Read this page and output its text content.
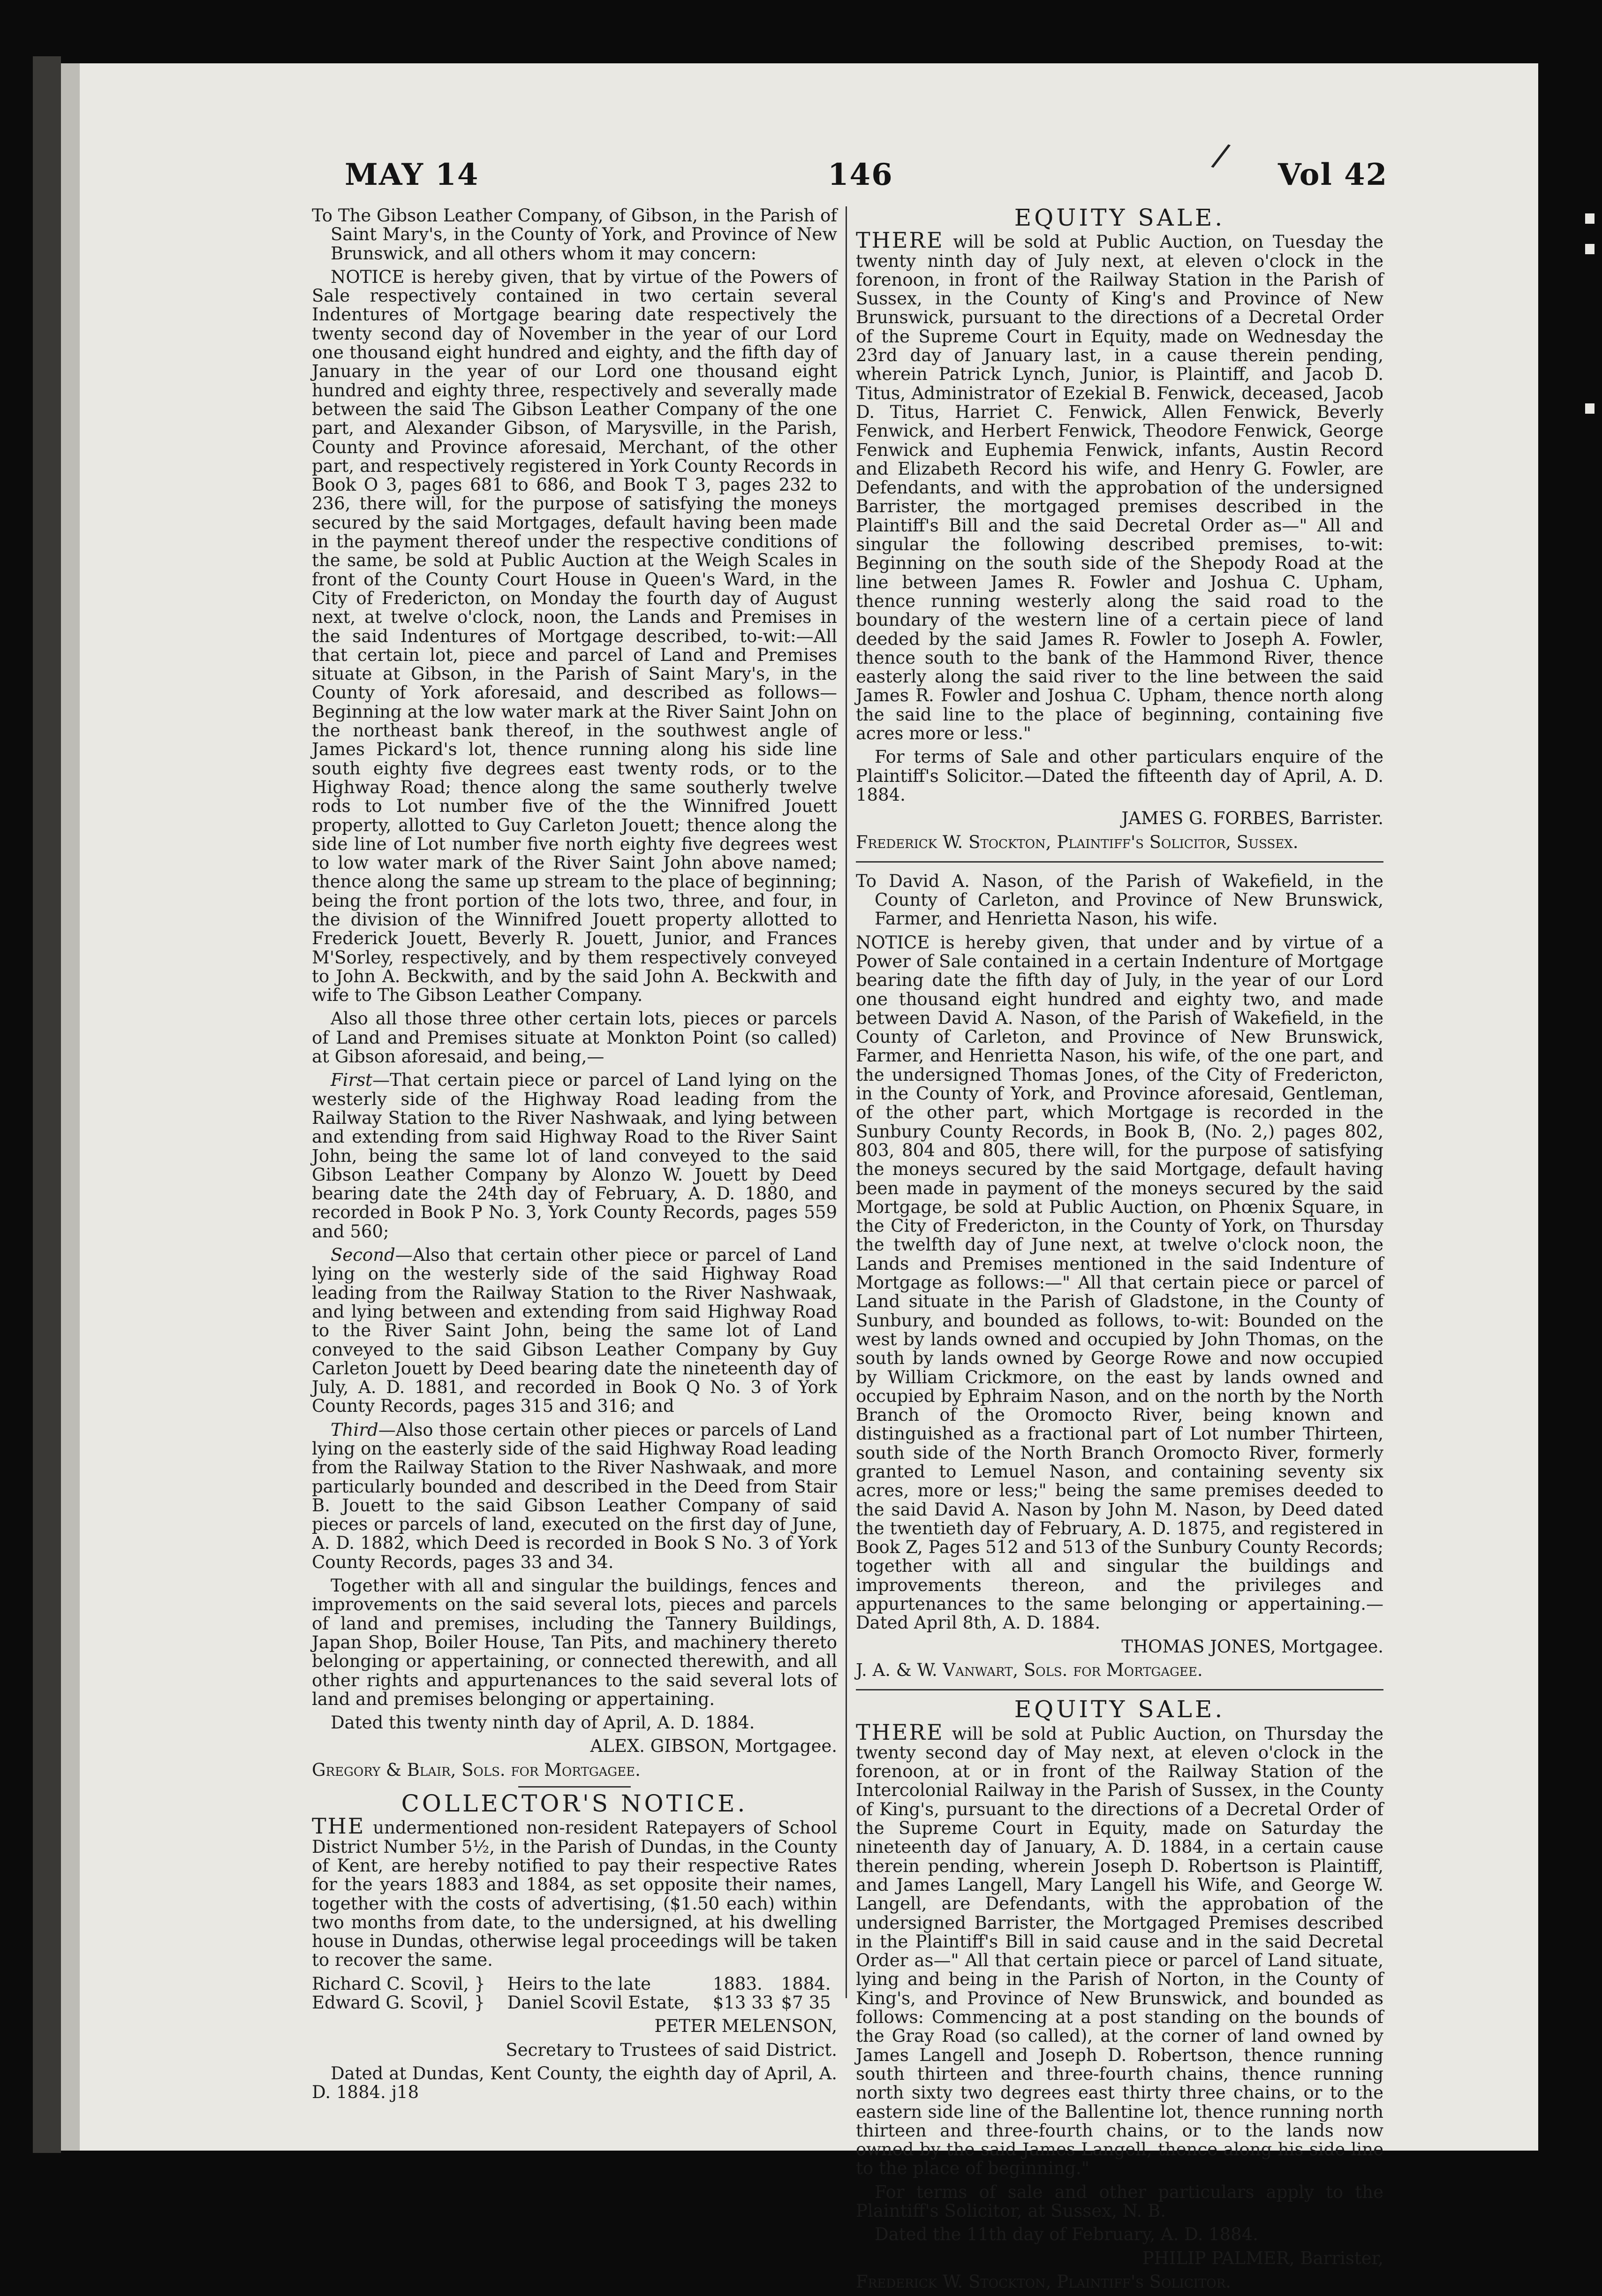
/
MAY 14	146	Vol 42

To The Gibson Leather Company, of Gibson, in the Parish of Saint Mary's, in the County of York, and Province of New Brunswick, and all others whom it may concern:

NOTICE is hereby given, that by virtue of the Powers of Sale respectively contained in two certain several Indentures of Mortgage bearing date respectively the twenty second day of November in the year of our Lord one thousand eight hundred and eighty, and the fifth day of January in the year of our Lord one thousand eight hundred and eighty three, respectively and severally made between the said The Gibson Leather Company of the one part, and Alexander Gibson, of Marysville, in the Parish, County and Province aforesaid, Merchant, of the other part, and respectively registered in York County Records in Book O 3, pages 681 to 686, and Book T 3, pages 232 to 236, there will, for the purpose of satisfying the moneys secured by the said Mortgages, default having been made in the payment thereof under the respective conditions of the same, be sold at Public Auction at the Weigh Scales in front of the County Court House in Queen's Ward, in the City of Fredericton, on Monday the fourth day of August next, at twelve o'clock, noon, the Lands and Premises in the said Indentures of Mortgage described, to-wit:—All that certain lot, piece and parcel of Land and Premises situate at Gibson, in the Parish of Saint Mary's, in the County of York aforesaid, and described as follows—Beginning at the low water mark at the River Saint John on the northeast bank thereof, in the southwest angle of James Pickard's lot, thence running along his side line south eighty five degrees east twenty rods, or to the Highway Road; thence along the same southerly twelve rods to Lot number five of the the Winnifred Jouett property, allotted to Guy Carleton Jouett; thence along the side line of Lot number five north eighty five degrees west to low water mark of the River Saint John above named; thence along the same up stream to the place of beginning; being the front portion of the lots two, three, and four, in the division of the Winnifred Jouett property allotted to Frederick Jouett, Beverly R. Jouett, Junior, and Frances M'Sorley, respectively, and by them respectively conveyed to John A. Beckwith, and by the said John A. Beckwith and wife to The Gibson Leather Company.

Also all those three other certain lots, pieces or parcels of Land and Premises situate at Monkton Point (so called) at Gibson aforesaid, and being,—

First—That certain piece or parcel of Land lying on the westerly side of the Highway Road leading from the Railway Station to the River Nashwaak, and lying between and extending from said Highway Road to the River Saint John, being the same lot of land conveyed to the said Gibson Leather Company by Alonzo W. Jouett by Deed bearing date the 24th day of February, A. D. 1880, and recorded in Book P No. 3, York County Records, pages 559 and 560;

Second—Also that certain other piece or parcel of Land lying on the westerly side of the said Highway Road leading from the Railway Station to the River Nashwaak, and lying between and extending from said Highway Road to the River Saint John, being the same lot of Land conveyed to the said Gibson Leather Company by Guy Carleton Jouett by Deed bearing date the nineteenth day of July, A. D. 1881, and recorded in Book Q No. 3 of York County Records, pages 315 and 316; and

Third—Also those certain other pieces or parcels of Land lying on the easterly side of the said Highway Road leading from the Railway Station to the River Nashwaak, and more particularly bounded and described in the Deed from Stair B. Jouett to the said Gibson Leather Company of said pieces or parcels of land, executed on the first day of June, A. D. 1882, which Deed is recorded in Book S No. 3 of York County Records, pages 33 and 34.

Together with all and singular the buildings, fences and improvements on the said several lots, pieces and parcels of land and premises, including the Tannery Buildings, Japan Shop, Boiler House, Tan Pits, and machinery thereto belonging or appertaining, or connected therewith, and all other rights and appurtenances to the said several lots of land and premises belonging or appertaining.

Dated this twenty ninth day of April, A. D. 1884.

ALEX. GIBSON, Mortgagee.

Gregory & Blair, Sols. for Mortgagee.

COLLECTOR'S NOTICE.

THE undermentioned non-resident Ratepayers of School District Number 5½, in the Parish of Dundas, in the County of Kent, are hereby notified to pay their respective Rates for the years 1883 and 1884, as set opposite their names, together with the costs of advertising, ($1.50 each) within two months from date, to the undersigned, at his dwelling house in Dundas, otherwise legal proceedings will be taken to recover the same.

Richard C. Scovil, }	Heirs to the late	1883.	1884.
Edward G. Scovil, }	Daniel Scovil Estate,	$13 33	$7 35

PETER MELENSON,

Secretary to Trustees of said District.

Dated at Dundas, Kent County, the eighth day of April, A. D. 1884. j18

EQUITY SALE.

THERE will be sold at Public Auction, on Tuesday the twenty ninth day of July next, at eleven o'clock in the forenoon, in front of the Railway Station in the Parish of Sussex, in the County of King's and Province of New Brunswick, pursuant to the directions of a Decretal Order of the Supreme Court in Equity, made on Wednesday the 23rd day of January last, in a cause therein pending, wherein Patrick Lynch, Junior, is Plaintiff, and Jacob D. Titus, Administrator of Ezekial B. Fenwick, deceased, Jacob D. Titus, Harriet C. Fenwick, Allen Fenwick, Beverly Fenwick, and Herbert Fenwick, Theodore Fenwick, George Fenwick and Euphemia Fenwick, infants, Austin Record and Elizabeth Record his wife, and Henry G. Fowler, are Defendants, and with the approbation of the undersigned Barrister, the mortgaged premises described in the Plaintiff's Bill and the said Decretal Order as—" All and singular the following described premises, to-wit: Beginning on the south side of the Shepody Road at the line between James R. Fowler and Joshua C. Upham, thence running westerly along the said road to the boundary of the western line of a certain piece of land deeded by the said James R. Fowler to Joseph A. Fowler, thence south to the bank of the Hammond River, thence easterly along the said river to the line between the said James R. Fowler and Joshua C. Upham, thence north along the said line to the place of beginning, containing five acres more or less."

For terms of Sale and other particulars enquire of the Plaintiff's Solicitor.—Dated the fifteenth day of April, A. D. 1884.

JAMES G. FORBES, Barrister.

Frederick W. Stockton, Plaintiff's Solicitor, Sussex.

To David A. Nason, of the Parish of Wakefield, in the County of Carleton, and Province of New Brunswick, Farmer, and Henrietta Nason, his wife.

NOTICE is hereby given, that under and by virtue of a Power of Sale contained in a certain Indenture of Mortgage bearing date the fifth day of July, in the year of our Lord one thousand eight hundred and eighty two, and made between David A. Nason, of the Parish of Wakefield, in the County of Carleton, and Province of New Brunswick, Farmer, and Henrietta Nason, his wife, of the one part, and the undersigned Thomas Jones, of the City of Fredericton, in the County of York, and Province aforesaid, Gentleman, of the other part, which Mortgage is recorded in the Sunbury County Records, in Book B, (No. 2,) pages 802, 803, 804 and 805, there will, for the purpose of satisfying the moneys secured by the said Mortgage, default having been made in payment of the moneys secured by the said Mortgage, be sold at Public Auction, on Phœnix Square, in the City of Fredericton, in the County of York, on Thursday the twelfth day of June next, at twelve o'clock noon, the Lands and Premises mentioned in the said Indenture of Mortgage as follows:—" All that certain piece or parcel of Land situate in the Parish of Gladstone, in the County of Sunbury, and bounded as follows, to-wit: Bounded on the west by lands owned and occupied by John Thomas, on the south by lands owned by George Rowe and now occupied by William Crickmore, on the east by lands owned and occupied by Ephraim Nason, and on the north by the North Branch of the Oromocto River, being known and distinguished as a fractional part of Lot number Thirteen, south side of the North Branch Oromocto River, formerly granted to Lemuel Nason, and containing seventy six acres, more or less;" being the same premises deeded to the said David A. Nason by John M. Nason, by Deed dated the twentieth day of February, A. D. 1875, and registered in Book Z, Pages 512 and 513 of the Sunbury County Records; together with all and singular the buildings and improvements thereon, and the privileges and appurtenances to the same belonging or appertaining.—Dated April 8th, A. D. 1884.

THOMAS JONES, Mortgagee.

J. A. & W. Vanwart, Sols. for Mortgagee.

EQUITY SALE.

THERE will be sold at Public Auction, on Thursday the twenty second day of May next, at eleven o'clock in the forenoon, at or in front of the Railway Station of the Intercolonial Railway in the Parish of Sussex, in the County of King's, pursuant to the directions of a Decretal Order of the Supreme Court in Equity, made on Saturday the nineteenth day of January, A. D. 1884, in a certain cause therein pending, wherein Joseph D. Robertson is Plaintiff, and James Langell, Mary Langell his Wife, and George W. Langell, are Defendants, with the approbation of the undersigned Barrister, the Mortgaged Premises described in the Plaintiff's Bill in said cause and in the said Decretal Order as—" All that certain piece or parcel of Land situate, lying and being in the Parish of Norton, in the County of King's, and Province of New Brunswick, and bounded as follows: Commencing at a post standing on the bounds of the Gray Road (so called), at the corner of land owned by James Langell and Joseph D. Robertson, thence running south thirteen and three-fourth chains, thence running north sixty two degrees east thirty three chains, or to the eastern side line of the Ballentine lot, thence running north thirteen and three-fourth chains, or to the lands now owned by the said James Langell, thence along his side line to the place of beginning."

For terms of sale and other particulars apply to the Plaintiff's Solicitor, at Sussex, N. B.

Dated the 11th day of February, A. D. 1884.

PHILIP PALMER, Barrister,

Frederick W. Stockton, Plaintiff's Solicitor.
